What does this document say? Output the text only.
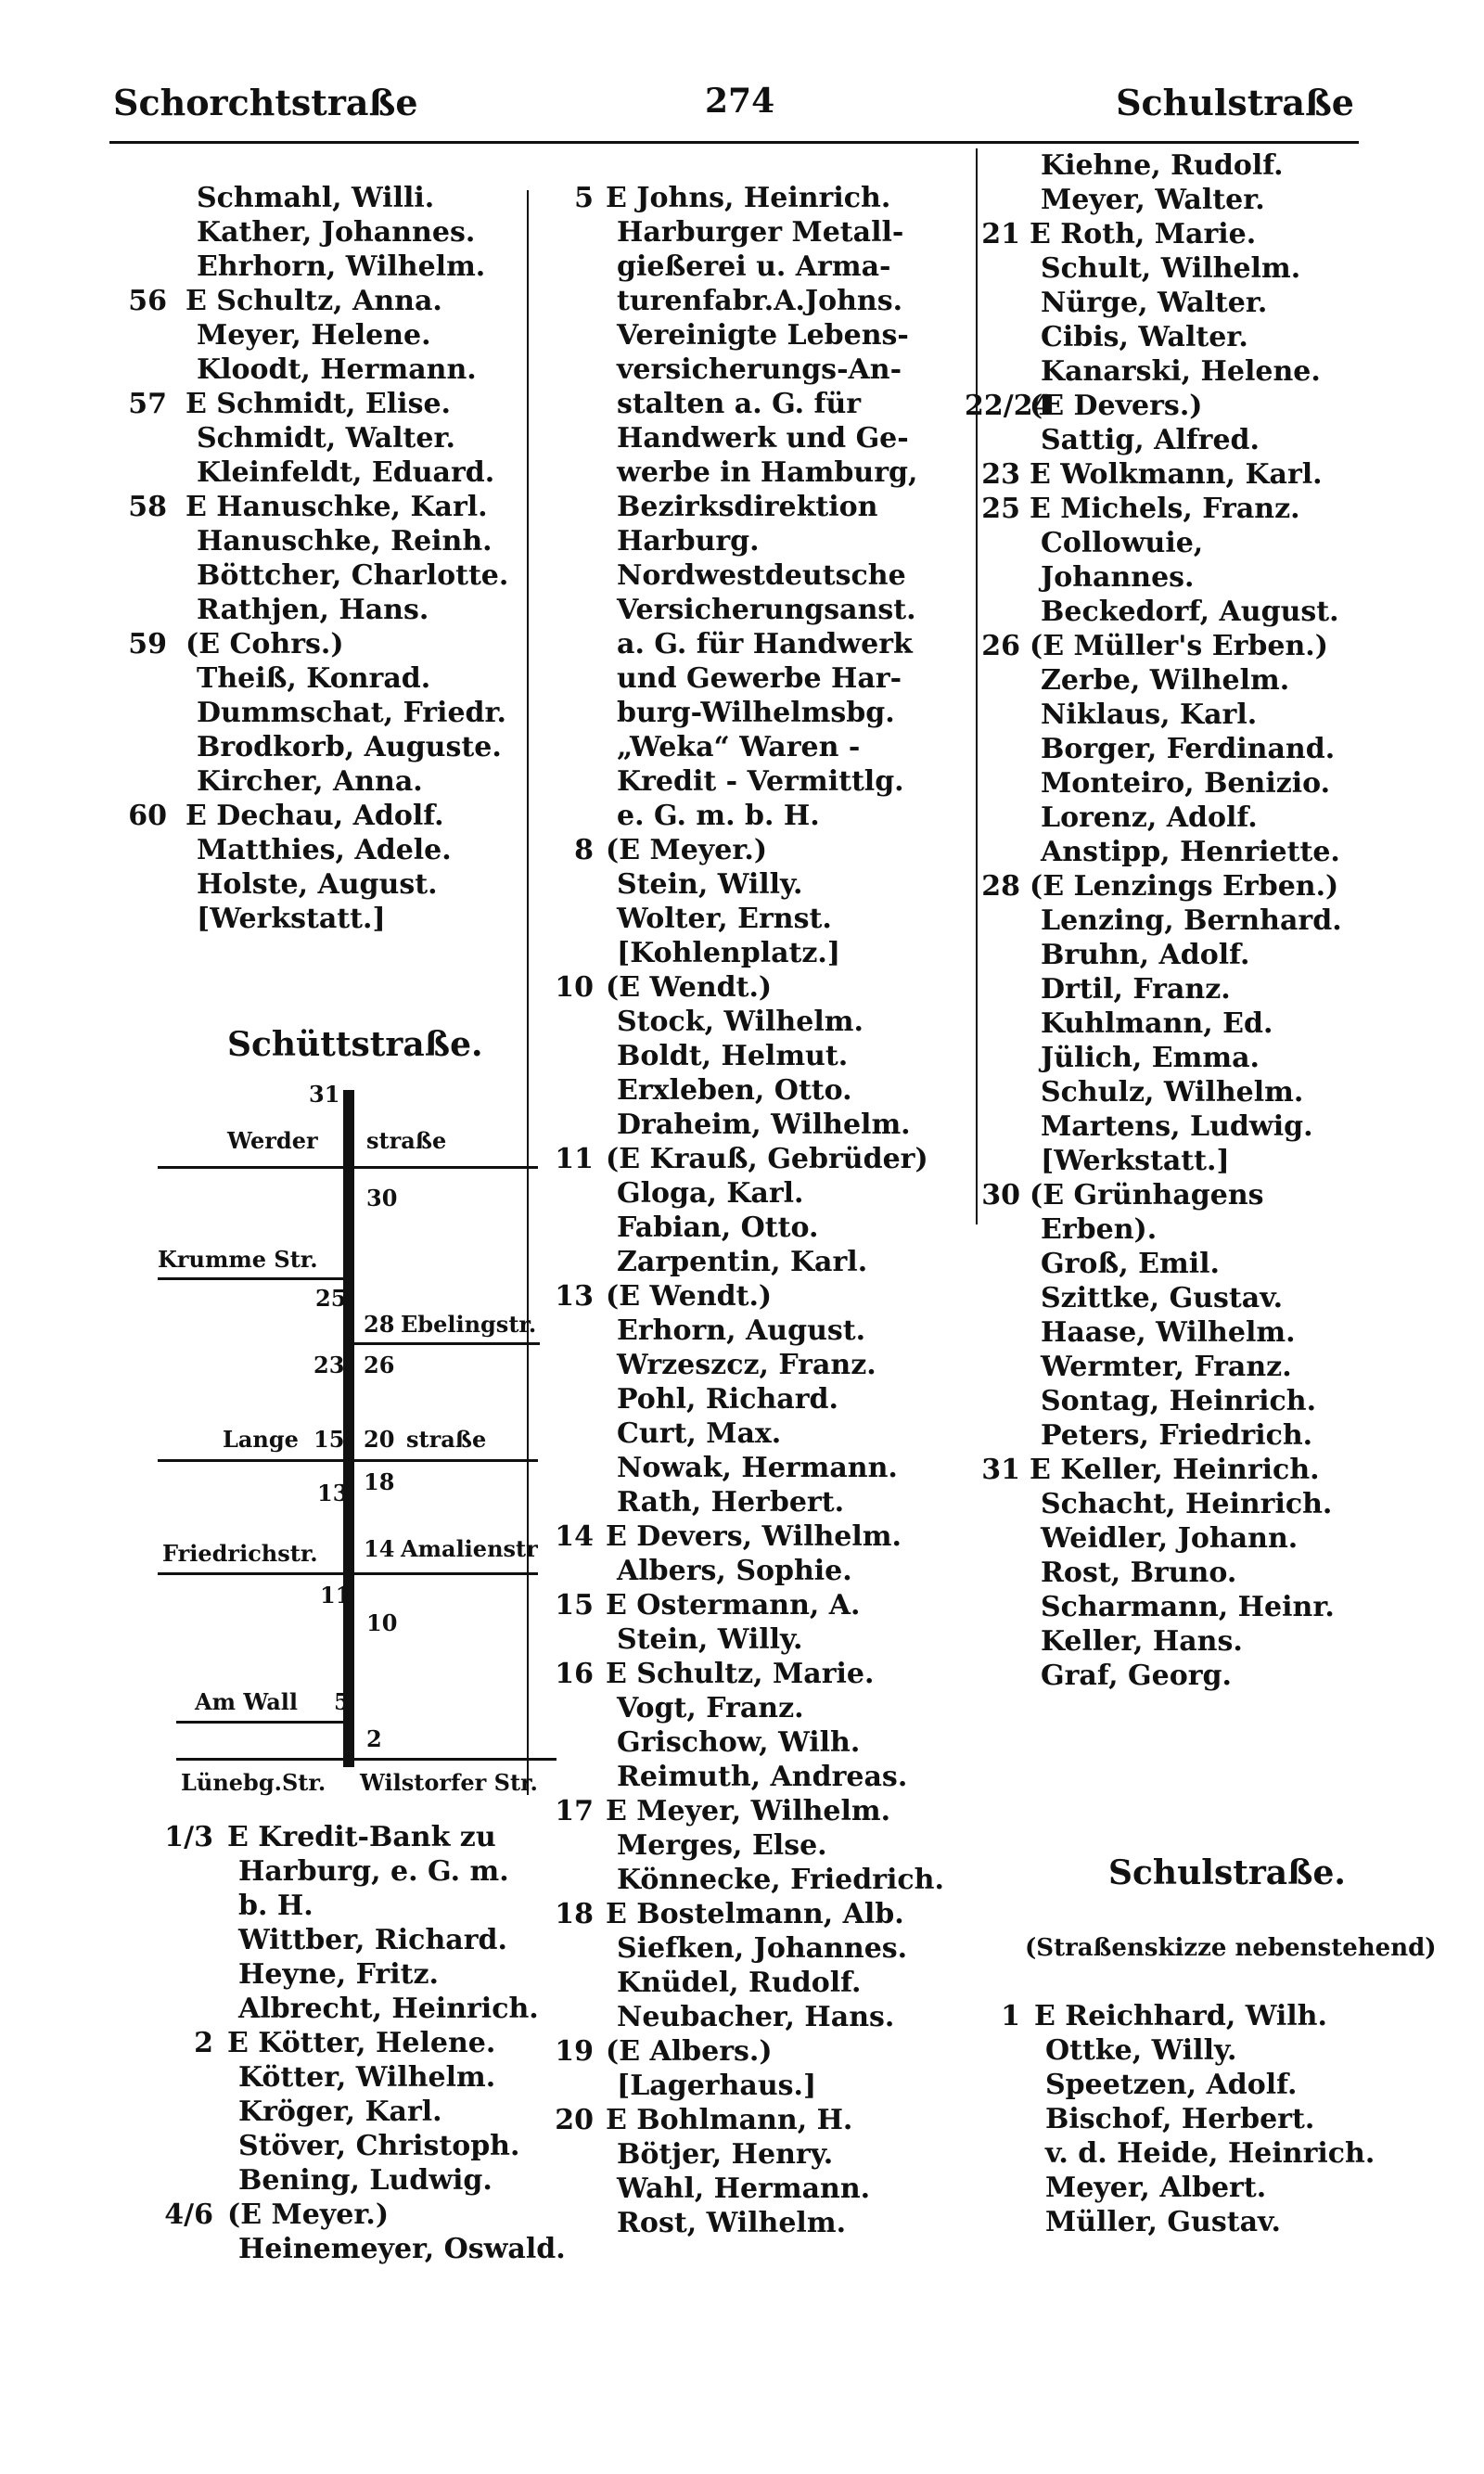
Schorchtstraße	274	Schulstraße
Schmahl, Willi.
Kather, Johannes.
Ehrhorn, Wilhelm.
56 E Schultz, Anna.
Meyer, Helene.
Kloodt, Hermann.
57 E Schmidt, Elise.
Schmidt, Walter.
Kleinfeldt, Eduard.
58 E Hanuschke, Karl.
Hanuschke, Reinh.
Böttcher, Charlotte.
Rathjen, Hans.
59 (E Cohrs.)
Theiß, Konrad.
Dummschat, Friedr.
Brodkorb, Auguste.
Kircher, Anna.
60 E Dechau, Adolf.
Matthies, Adele.
Holste, August.
[Werkstatt.]
Schüttstraße.
31
Werder straße
30
Krumme Str.
25
28 Ebelingstr.
23 26
Lange 15 20 straße
13 18
Friedrichstr. 14 Amalienstr
11
10
Am Wall 5
2
Lünebg.Str. Wilstorfer Str.
1/3 E Kredit-Bank zu
Harburg, e. G. m.
b. H.
Wittber, Richard.
Heyne, Fritz.
Albrecht, Heinrich.
2 E Kötter, Helene.
Kötter, Wilhelm.
Kröger, Karl.
Stöver, Christoph.
Bening, Ludwig.
4/6 (E Meyer.)
Heinemeyer, Oswald.
5 E Johns, Heinrich.
Harburger Metall-
gießerei u. Arma-
turenfabr.A.Johns.
Vereinigte Lebens-
versicherungs-An-
stalten a. G. für
Handwerk und Ge-
werbe in Hamburg,
Bezirksdirektion
Harburg.
Nordwestdeutsche
Versicherungsanst.
a. G. für Handwerk
und Gewerbe Har-
burg-Wilhelmsbg.
„Weka“ Waren -
Kredit - Vermittlg.
e. G. m. b. H.
8 (E Meyer.)
Stein, Willy.
Wolter, Ernst.
[Kohlenplatz.]
10 (E Wendt.)
Stock, Wilhelm.
Boldt, Helmut.
Erxleben, Otto.
Draheim, Wilhelm.
11 (E Krauß, Gebrüder)
Gloga, Karl.
Fabian, Otto.
Zarpentin, Karl.
13 (E Wendt.)
Erhorn, August.
Wrzeszcz, Franz.
Pohl, Richard.
Curt, Max.
Nowak, Hermann.
Rath, Herbert.
14 E Devers, Wilhelm.
Albers, Sophie.
15 E Ostermann, A.
Stein, Willy.
16 E Schultz, Marie.
Vogt, Franz.
Grischow, Wilh.
Reimuth, Andreas.
17 E Meyer, Wilhelm.
Merges, Else.
Könnecke, Friedrich.
18 E Bostelmann, Alb.
Siefken, Johannes.
Knüdel, Rudolf.
Neubacher, Hans.
19 (E Albers.)
[Lagerhaus.]
20 E Bohlmann, H.
Bötjer, Henry.
Wahl, Hermann.
Rost, Wilhelm.
Kiehne, Rudolf.
Meyer, Walter.
21 E Roth, Marie.
Schult, Wilhelm.
Nürge, Walter.
Cibis, Walter.
Kanarski, Helene.
22/24
(E Devers.)
Sattig, Alfred.
23 E Wolkmann, Karl.
25 E Michels, Franz.
Collowuie,
Johannes.
Beckedorf, August.
26 (E Müller's Erben.)
Zerbe, Wilhelm.
Niklaus, Karl.
Borger, Ferdinand.
Monteiro, Benizio.
Lorenz, Adolf.
Anstipp, Henriette.
28 (E Lenzings Erben.)
Lenzing, Bernhard.
Bruhn, Adolf.
Drtil, Franz.
Kuhlmann, Ed.
Jülich, Emma.
Schulz, Wilhelm.
Martens, Ludwig.
[Werkstatt.]
30 (E Grünhagens
Erben).
Groß, Emil.
Szittke, Gustav.
Haase, Wilhelm.
Wermter, Franz.
Sontag, Heinrich.
Peters, Friedrich.
31 E Keller, Heinrich.
Schacht, Heinrich.
Weidler, Johann.
Rost, Bruno.
Scharmann, Heinr.
Keller, Hans.
Graf, Georg.
Schulstraße.
(Straßenskizze nebenstehend)
1 E Reichhard, Wilh.
Ottke, Willy.
Speetzen, Adolf.
Bischof, Herbert.
v. d. Heide, Heinrich.
Meyer, Albert.
Müller, Gustav.
